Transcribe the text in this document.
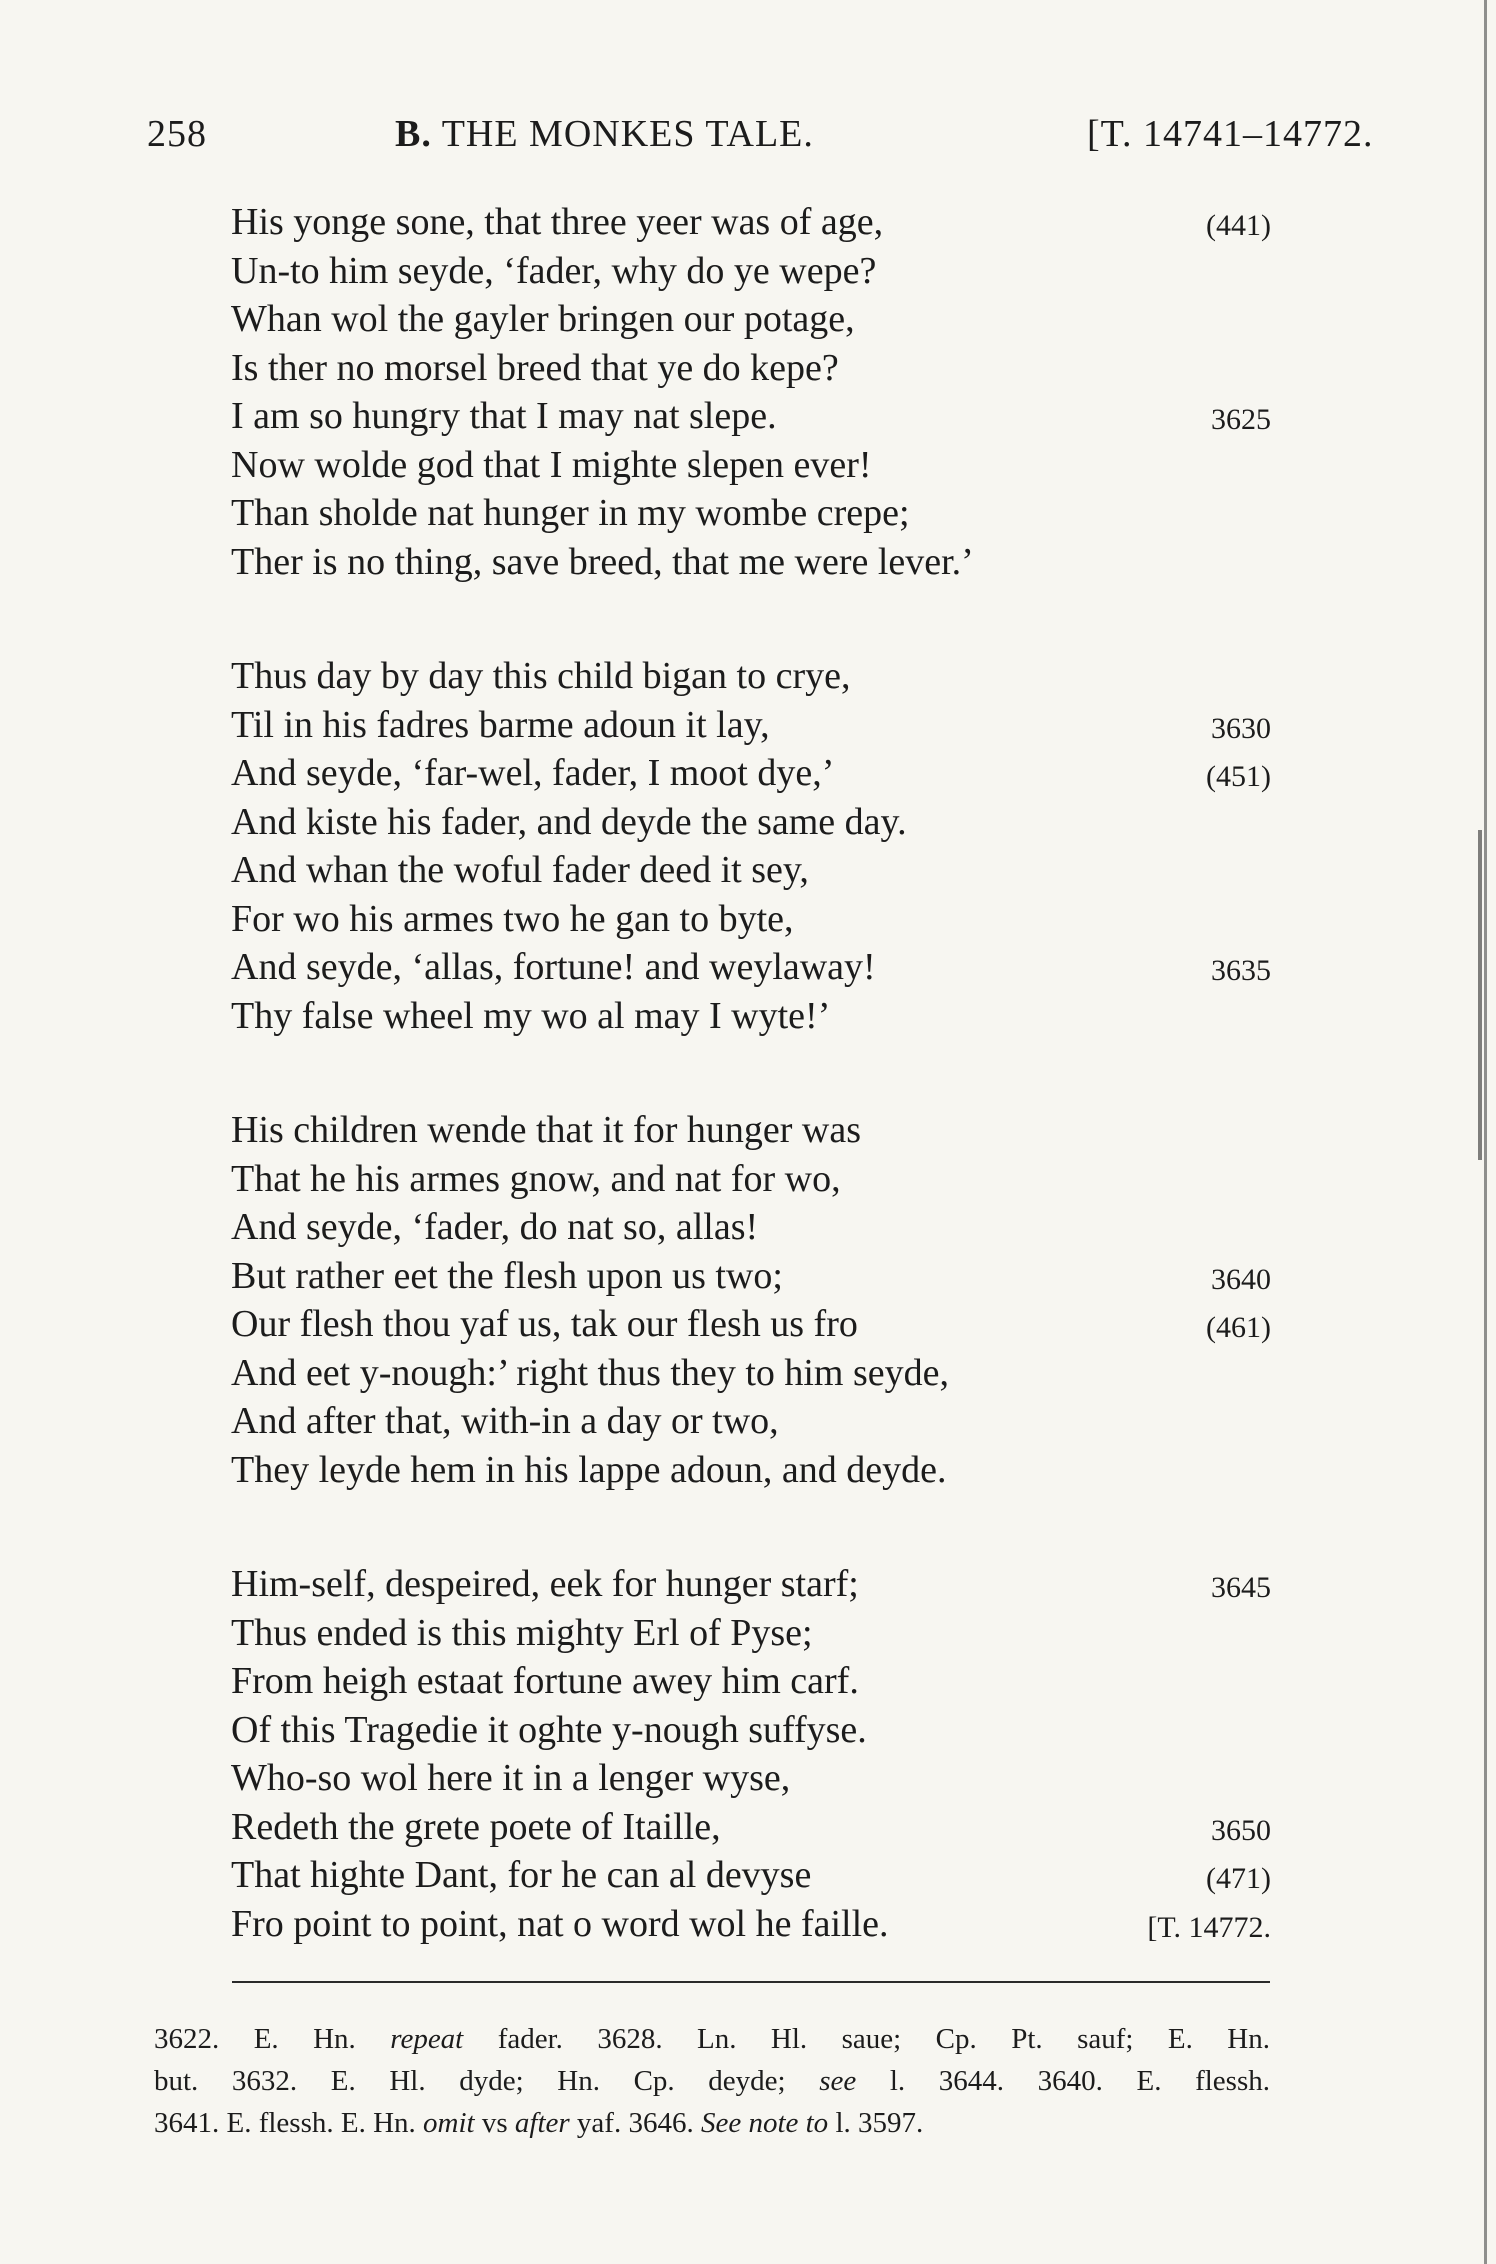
258	B. THE MONKES TALE.	[T. 14741–14772.
His yonge sone, that three yeer was of age,	(441)
Un-to him seyde, ‘fader, why do ye wepe?
Whan wol the gayler bringen our potage,
Is ther no morsel breed that ye do kepe?
I am so hungry that I may nat slepe.	3625
Now wolde god that I mighte slepen ever!
Than sholde nat hunger in my wombe crepe;
Ther is no thing, save breed, that me were lever.’
Thus day by day this child bigan to crye,
Til in his fadres barme adoun it lay,	3630
And seyde, ‘far-wel, fader, I moot dye,’	(451)
And kiste his fader, and deyde the same day.
And whan the woful fader deed it sey,
For wo his armes two he gan to byte,
And seyde, ‘allas, fortune! and weylaway!	3635
Thy false wheel my wo al may I wyte!’
His children wende that it for hunger was
That he his armes gnow, and nat for wo,
And seyde, ‘fader, do nat so, allas!
But rather eet the flesh upon us two;	3640
Our flesh thou yaf us, tak our flesh us fro	(461)
And eet y-nough:’ right thus they to him seyde,
And after that, with-in a day or two,
They leyde hem in his lappe adoun, and deyde.
Him-self, despeired, eek for hunger starf;	3645
Thus ended is this mighty Erl of Pyse;
From heigh estaat fortune awey him carf.
Of this Tragedie it oghte y-nough suffyse.
Who-so wol here it in a lenger wyse,
Redeth the grete poete of Itaille,	3650
That highte Dant, for he can al devyse	(471)
Fro point to point, nat o word wol he faille.	[T. 14772.
3622. E. Hn. repeat fader. 3628. Ln. Hl. saue; Cp. Pt. sauf; E. Hn.
but. 3632. E. Hl. dyde; Hn. Cp. deyde; see l. 3644. 3640. E. flessh.
3641. E. flessh. E. Hn. omit vs after yaf. 3646. See note to l. 3597.
